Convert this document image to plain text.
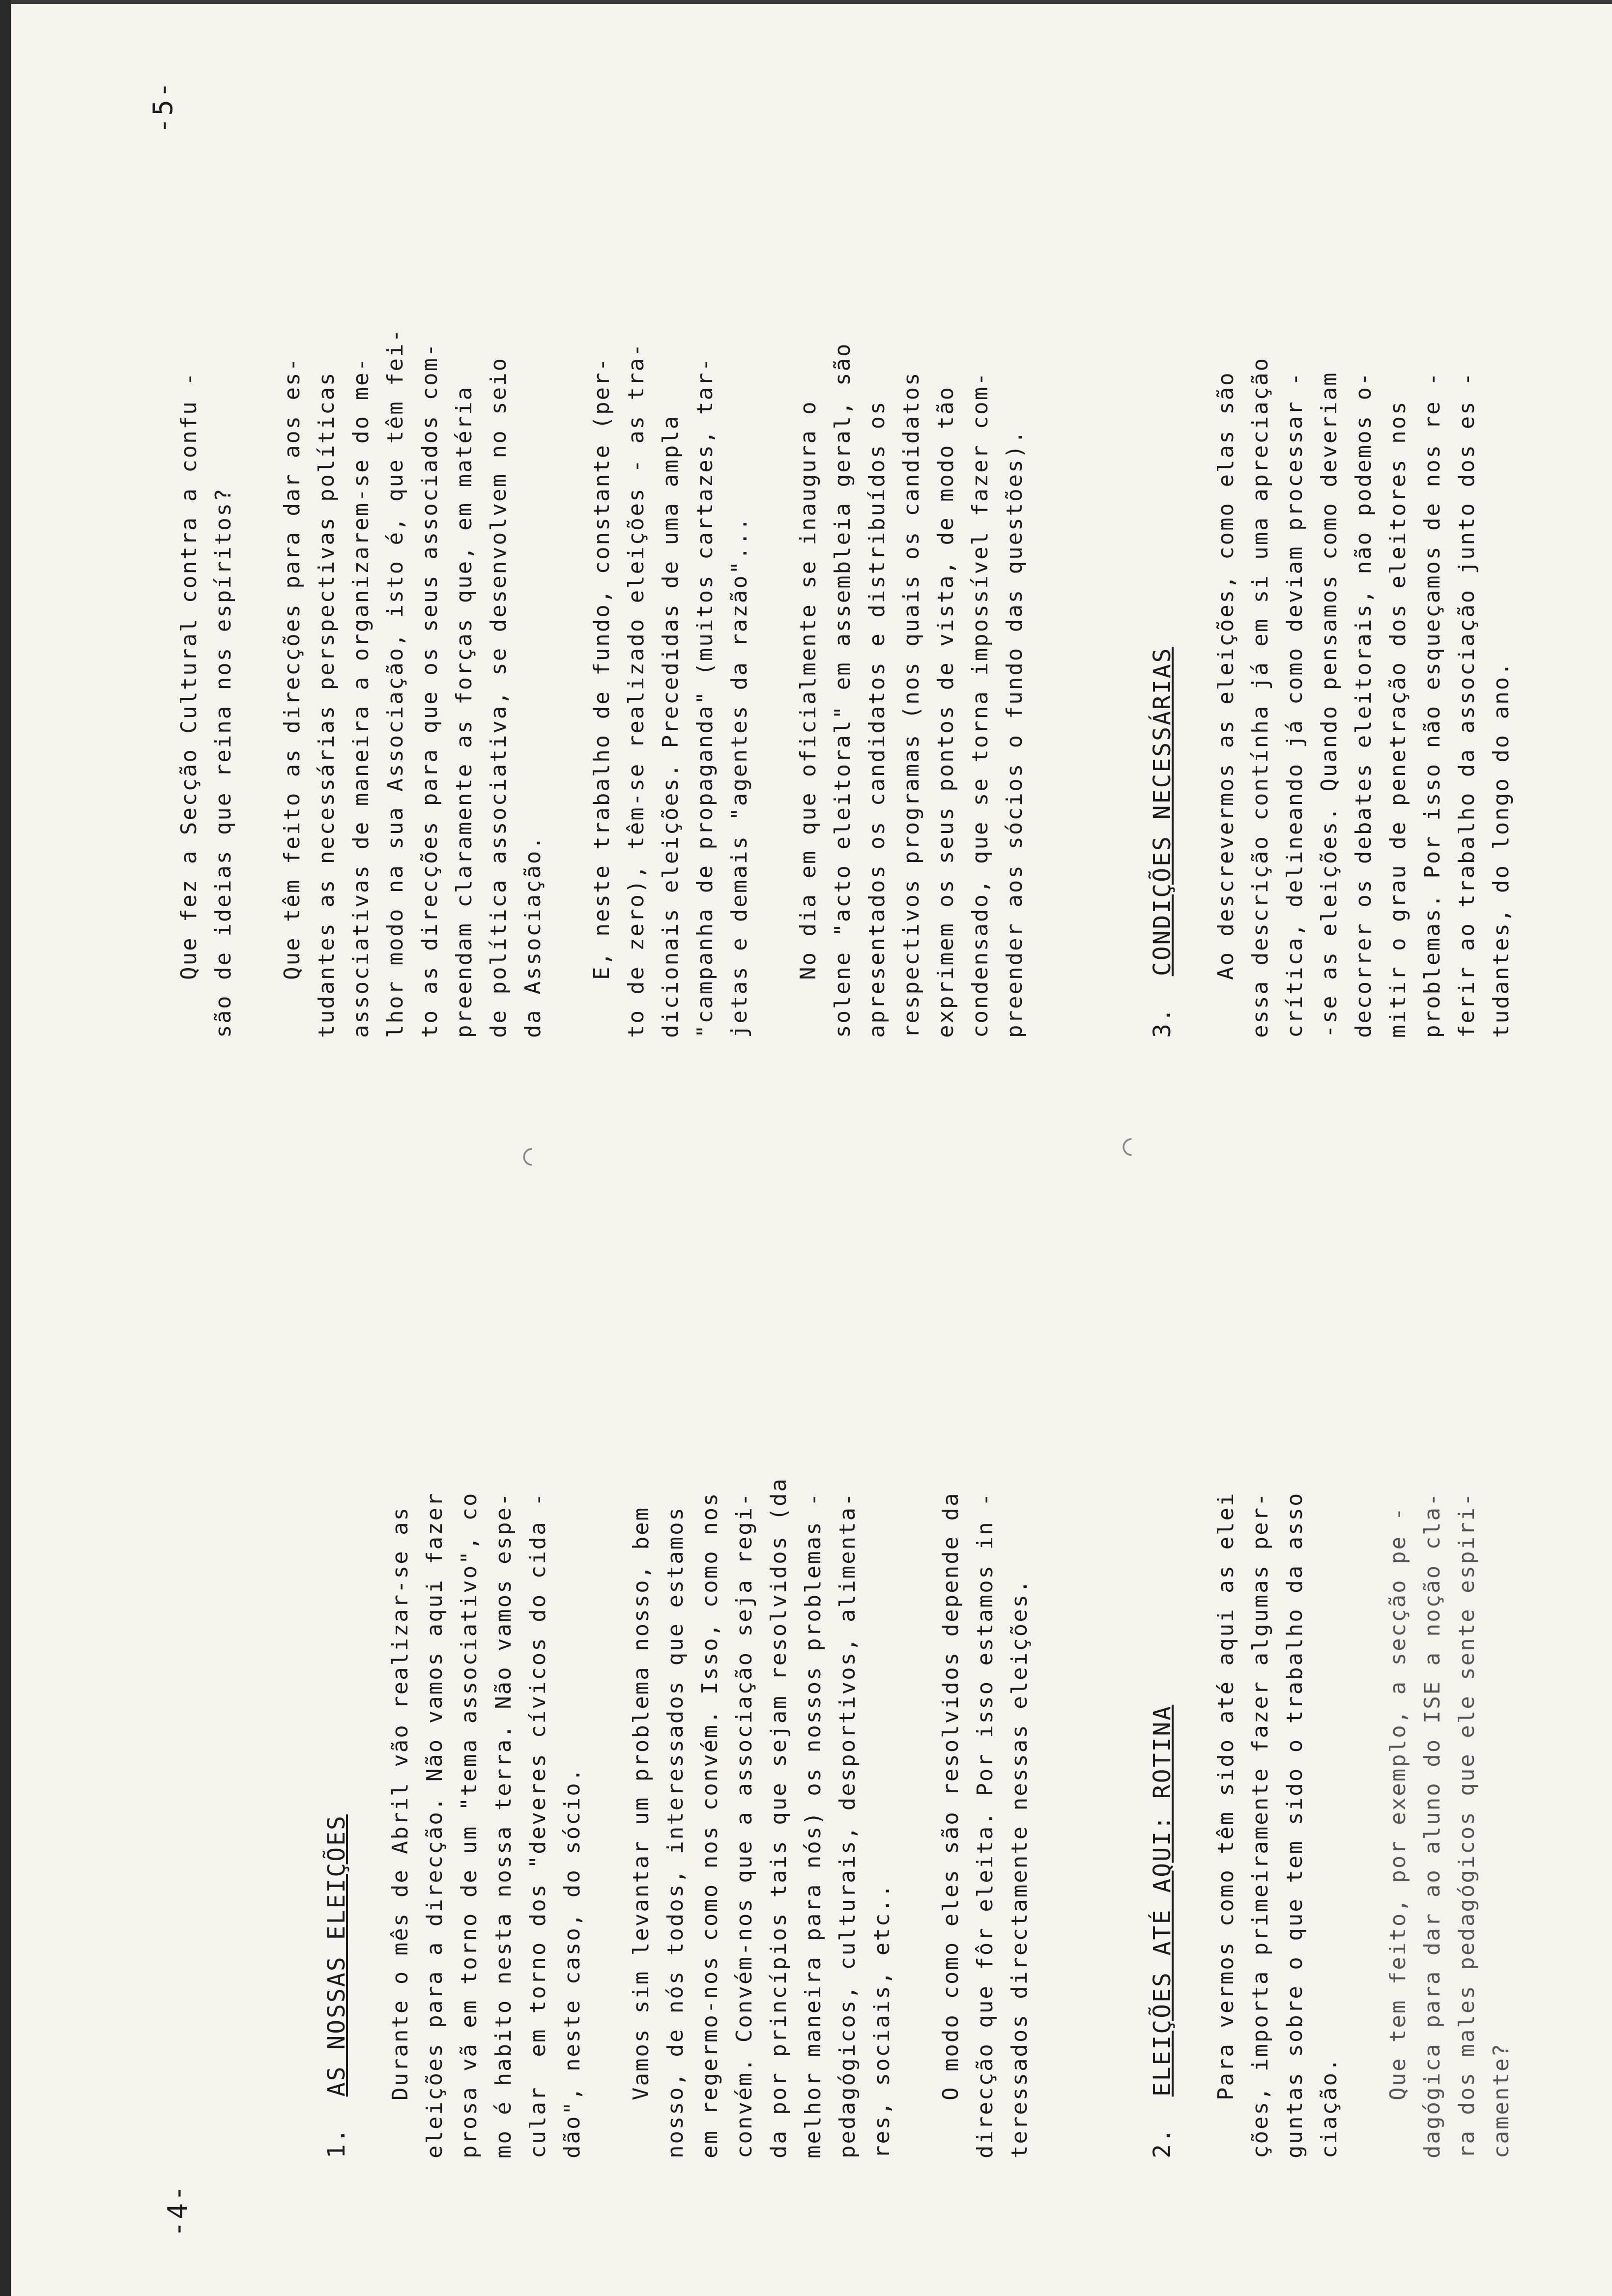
-4-
1. AS NOSSAS ELEIÇÕES Durante o mês de Abril vão realizar-se as
eleições para a direcção. Não vamos aqui fazer
prosa vã em torno de um "tema associativo", co
mo é habito nesta nossa terra. Não vamos espe-
cular  em torno dos "deveres cívicos do cida -
dão", neste caso, do sócio.

Vamos sim levantar um problema nosso, bem
nosso, de nós todos, interessados que estamos
em regermo-nos como nos convém. Isso, como nos
convém. Convém-nos que a associação seja regi-
da por princípios tais que sejam resolvidos (da
melhor maneira para nós) os nossos problemas -
pedagógicos, culturais, desportivos, alimenta-
res, sociais, etc..

O modo como eles são resolvidos depende da
direcção que fôr eleita. Por isso estamos in -
teressados directamente nessas eleições.

2. ELEIÇÕES ATÉ AQUI: ROTINA Para vermos como têm sido até aqui as elei
ções, importa primeiramente fazer algumas per-
guntas sobre o que tem sido o trabalho da asso
ciação. Que tem feito, por exemplo, a secção pe -
dagógica para dar ao aluno do ISE a noção cla-
ra dos males pedagógicos que ele sente espiri-
camente?

-5-

Que fez a Secção Cultural contra a confu -
são de ideias que reina nos espíritos?

Que têm feito as direcções para dar aos es-
tudantes as necessárias perspectivas políticas
associativas de maneira a organizarem-se do me-
lhor modo na sua Associação, isto é, que têm fei-
to as direcções para que os seus associados com-
preendam claramente as forças que, em matéria
de política associativa, se desenvolvem no seio
da Associação. E, neste trabalho de fundo, constante (per-
to de zero), têm-se realizado eleições - as tra-
dicionais eleições. Precedidas de uma ampla
"campanha de propaganda" (muitos cartazes, tar-
jetas e demais "agentes da razão"...

No dia em que oficialmente se inaugura o
solene "acto eleitoral" em assembleia geral, são
apresentados os candidatos e distribuídos os
respectivos programas (nos quais os candidatos
exprimem os seus pontos de vista, de modo tão
condensado, que se torna impossível fazer com-
preender aos sócios o fundo das questões).

3. CONDIÇÕES NECESSÁRIAS Ao descrevermos as eleições, como elas são
essa descrição contínha já em si uma apreciação
crítica, delineando já como deviam processar -
-se as eleições. Quando pensamos como deveriam
decorrer os debates eleitorais, não podemos o-
mitir o grau de penetração dos eleitores nos
problemas. Por isso não esqueçamos de nos re -
ferir ao trabalho da associação junto dos es -
tudantes, do longo do ano.

⌒
⌒
